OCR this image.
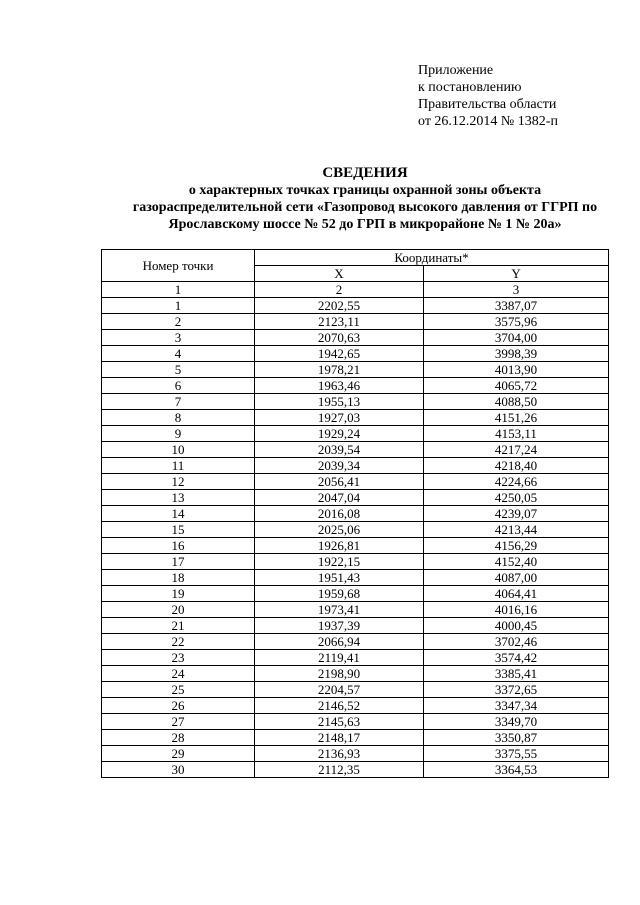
Приложение
к постановлению
Правительства области
от 26.12.2014 № 1382-п
СВЕДЕНИЯ
о характерных точках границы охранной зоны объекта
газораспределительной сети «Газопровод высокого давления от ГГРП по
Ярославскому шоссе № 52 до ГРП в микрорайоне № 1 № 20а»
Номер точки	Координаты*	
	X	Y
1	2	3
1	2202,55	3387,07
2	2123,11	3575,96
3	2070,63	3704,00
4	1942,65	3998,39
5	1978,21	4013,90
6	1963,46	4065,72
7	1955,13	4088,50
8	1927,03	4151,26
9	1929,24	4153,11
10	2039,54	4217,24
11	2039,34	4218,40
12	2056,41	4224,66
13	2047,04	4250,05
14	2016,08	4239,07
15	2025,06	4213,44
16	1926,81	4156,29
17	1922,15	4152,40
18	1951,43	4087,00
19	1959,68	4064,41
20	1973,41	4016,16
21	1937,39	4000,45
22	2066,94	3702,46
23	2119,41	3574,42
24	2198,90	3385,41
25	2204,57	3372,65
26	2146,52	3347,34
27	2145,63	3349,70
28	2148,17	3350,87
29	2136,93	3375,55
30	2112,35	3364,53
